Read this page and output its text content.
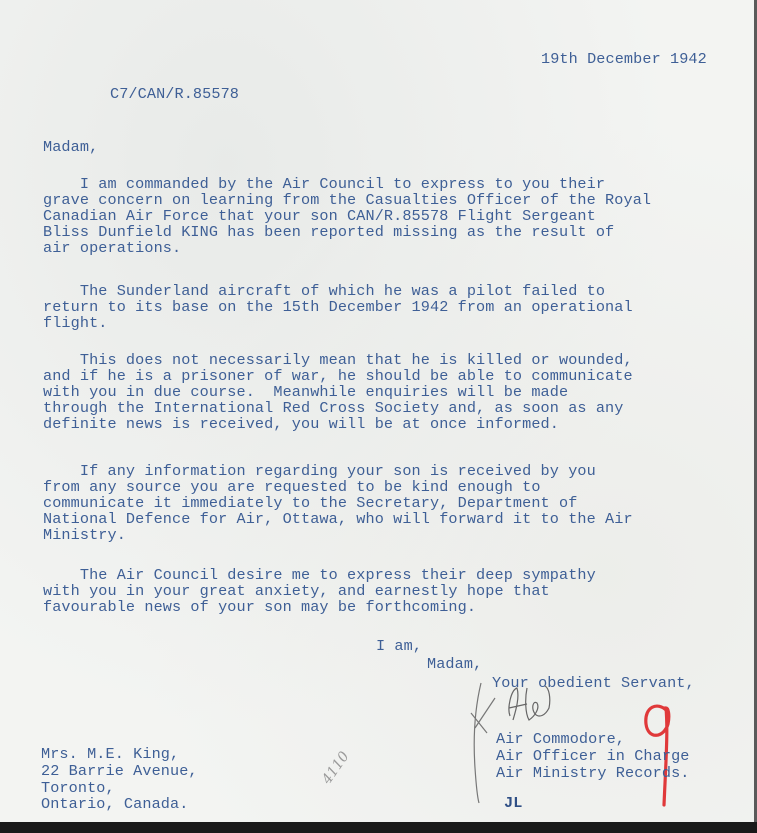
19th December 1942
C7/CAN/R.85578
Madam,
I am commanded by the Air Council to express to you their
grave concern on learning from the Casualties Officer of the Royal
Canadian Air Force that your son CAN/R.85578 Flight Sergeant
Bliss Dunfield KING has been reported missing as the result of
air operations.
The Sunderland aircraft of which he was a pilot failed to
return to its base on the 15th December 1942 from an operational
flight.
This does not necessarily mean that he is killed or wounded,
and if he is a prisoner of war, he should be able to communicate
with you in due course.  Meanwhile enquiries will be made
through the International Red Cross Society and, as soon as any
definite news is received, you will be at once informed.
If any information regarding your son is received by you
from any source you are requested to be kind enough to
communicate it immediately to the Secretary, Department of
National Defence for Air, Ottawa, who will forward it to the Air
Ministry.
The Air Council desire me to express their deep sympathy
with you in your great anxiety, and earnestly hope that
favourable news of your son may be forthcoming.
I am,
Madam,
Your obedient Servant,
Air Commodore,
Air Officer in Charge
Air Ministry Records.
JL
Mrs. M.E. King,
22 Barrie Avenue,
Toronto,
Ontario, Canada.
4110
